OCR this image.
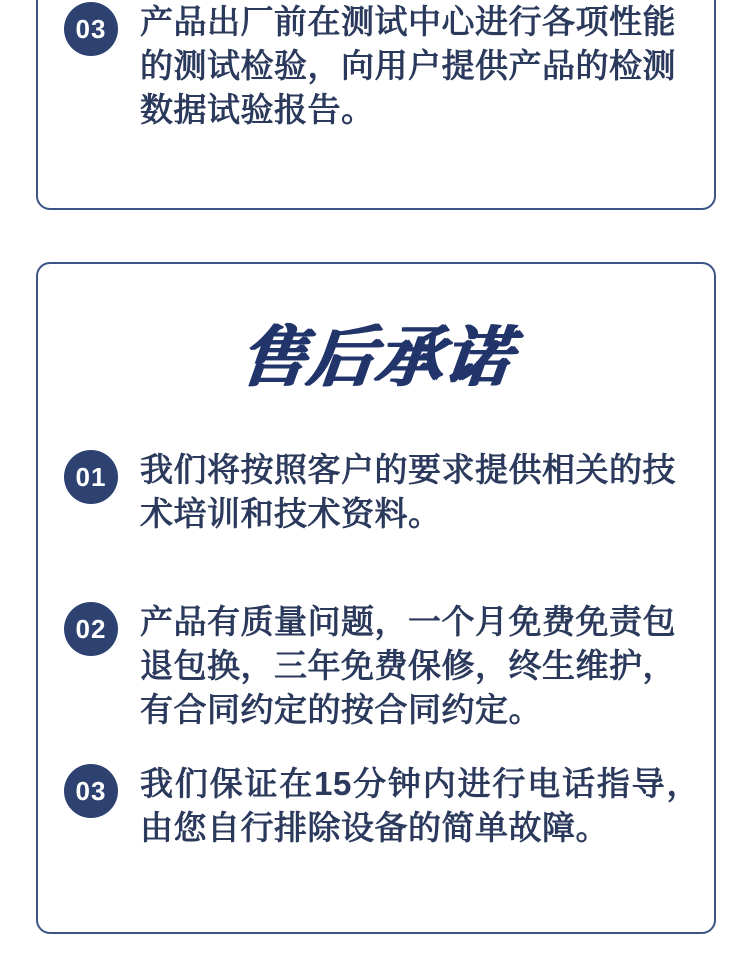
03	产品出厂前在测试中心进行各项性能的测试检验，向用户提供产品的检测数据试验报告。
售后承诺
01	我们将按照客户的要求提供相关的技术培训和技术资料。
02	产品有质量问题，一个月免费免责包退包换，三年免费保修，终生维护，有合同约定的按合同约定。
03	我们保证在15分钟内进行电话指导，由您自行排除设备的简单故障。
